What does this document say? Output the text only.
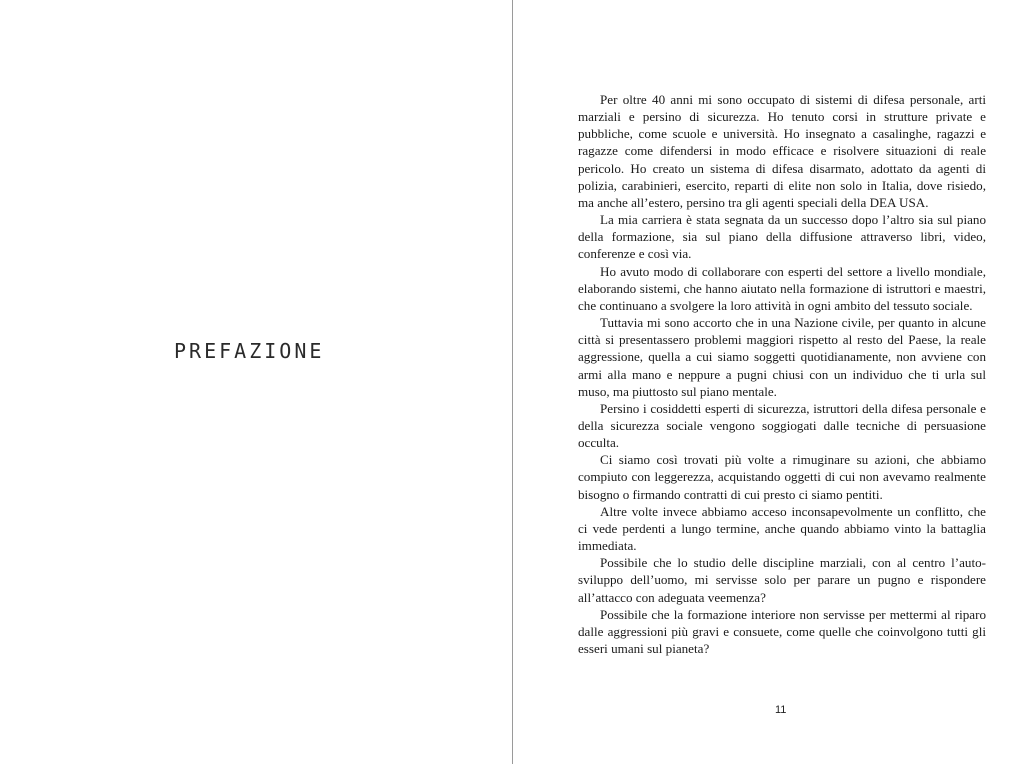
PREFAZIONE

Per oltre 40 anni mi sono occupato di sistemi di difesa personale, arti marziali e persino di sicurezza. Ho tenuto corsi in strutture private e pubbliche, come scuole e università. Ho insegnato a casalinghe, ragazzi e ragazze come difendersi in modo efficace e risolvere situazioni di reale pericolo. Ho creato un sistema di difesa disarmato, adottato da agenti di polizia, carabinieri, esercito, reparti di elite non solo in Italia, dove risiedo, ma anche all’estero, persino tra gli agenti speciali della DEA USA.

La mia carriera è stata segnata da un successo dopo l’altro sia sul piano della formazione, sia sul piano della diffusione attraverso libri, video, conferenze e così via.

Ho avuto modo di collaborare con esperti del settore a livello mondiale, elaborando sistemi, che hanno aiutato nella formazione di istruttori e maestri, che continuano a svolgere la loro attività in ogni ambito del tessuto sociale.

Tuttavia mi sono accorto che in una Nazione civile, per quanto in alcune città si presentassero problemi maggiori rispetto al resto del Paese, la reale aggressione, quella a cui siamo soggetti quotidianamente, non avviene con armi alla mano e neppure a pugni chiusi con un individuo che ti urla sul muso, ma piuttosto sul piano mentale.

Persino i cosiddetti esperti di sicurezza, istruttori della difesa personale e della sicurezza sociale vengono soggiogati dalle tecniche di persuasione occulta.

Ci siamo così trovati più volte a rimuginare su azioni, che abbiamo compiuto con leggerezza, acquistando oggetti di cui non avevamo realmente bisogno o firmando contratti di cui presto ci siamo pentiti.

Altre volte invece abbiamo acceso inconsapevolmente un conflitto, che ci vede perdenti a lungo termine, anche quando abbiamo vinto la battaglia immediata.

Possibile che lo studio delle discipline marziali, con al centro l’auto-sviluppo dell’uomo, mi servisse solo per parare un pugno e rispondere all’attacco con adeguata veemenza?

Possibile che la formazione interiore non servisse per mettermi al riparo dalle aggressioni più gravi e consuete, come quelle che coinvolgono tutti gli esseri umani sul pianeta?

11
